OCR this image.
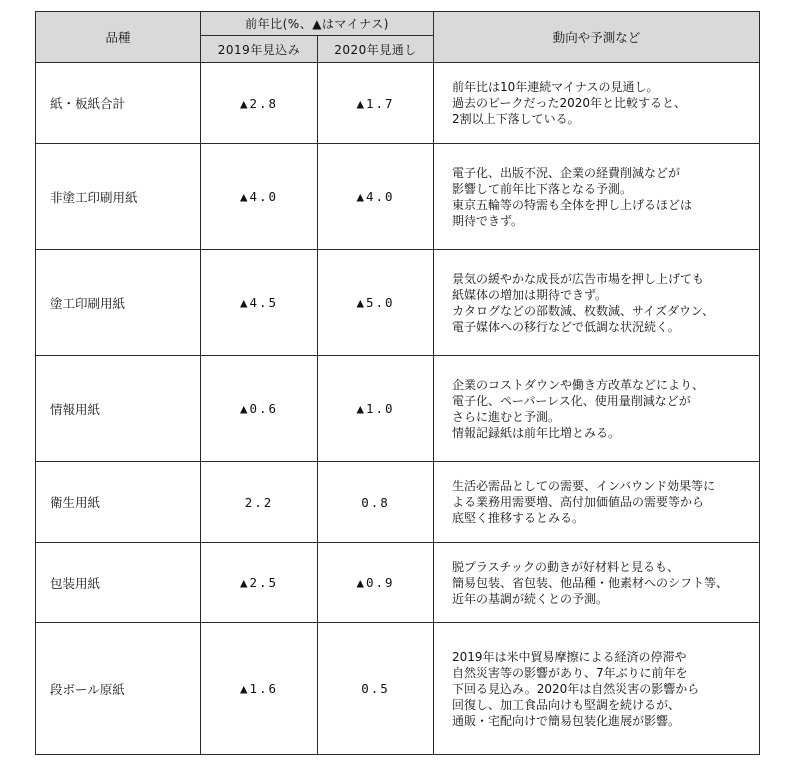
品種	前年比(%、▲はマイナス)		動向や予測など
	2019年見込み	2020年見通し	
紙・板紙合計	▲2.8	▲1.7	前年比は10年連続マイナスの見通し。
過去のピークだった2020年と比較すると、
2割以上下落している。

非塗工印刷用紙	▲4.0	▲4.0	電子化、出版不況、企業の経費削減などが
影響して前年比下落となる予測。
東京五輪等の特需も全体を押し上げるほどは
期待できず。

塗工印刷用紙	▲4.5	▲5.0	景気の緩やかな成長が広告市場を押し上げても
紙媒体の増加は期待できず。
カタログなどの部数減、枚数減、サイズダウン、
電子媒体への移行などで低調な状況続く。

情報用紙	▲0.6	▲1.0	企業のコストダウンや働き方改革などにより、
電子化、ペーパーレス化、使用量削減などが
さらに進むと予測。
情報記録紙は前年比増とみる。

衛生用紙	2.2	0.8	生活必需品としての需要、インバウンド効果等に
よる業務用需要増、高付加価値品の需要等から
底堅く推移するとみる。

包装用紙	▲2.5	▲0.9	脱プラスチックの動きが好材料と見るも、
簡易包装、省包装、他品種・他素材へのシフト等、
近年の基調が続くとの予測。

段ボール原紙	▲1.6	0.5	2019年は米中貿易摩擦による経済の停滞や
自然災害等の影響があり、7年ぶりに前年を
下回る見込み。2020年は自然災害の影響から
回復し、加工食品向けも堅調を続けるが、
通販・宅配向けで簡易包装化進展が影響。
